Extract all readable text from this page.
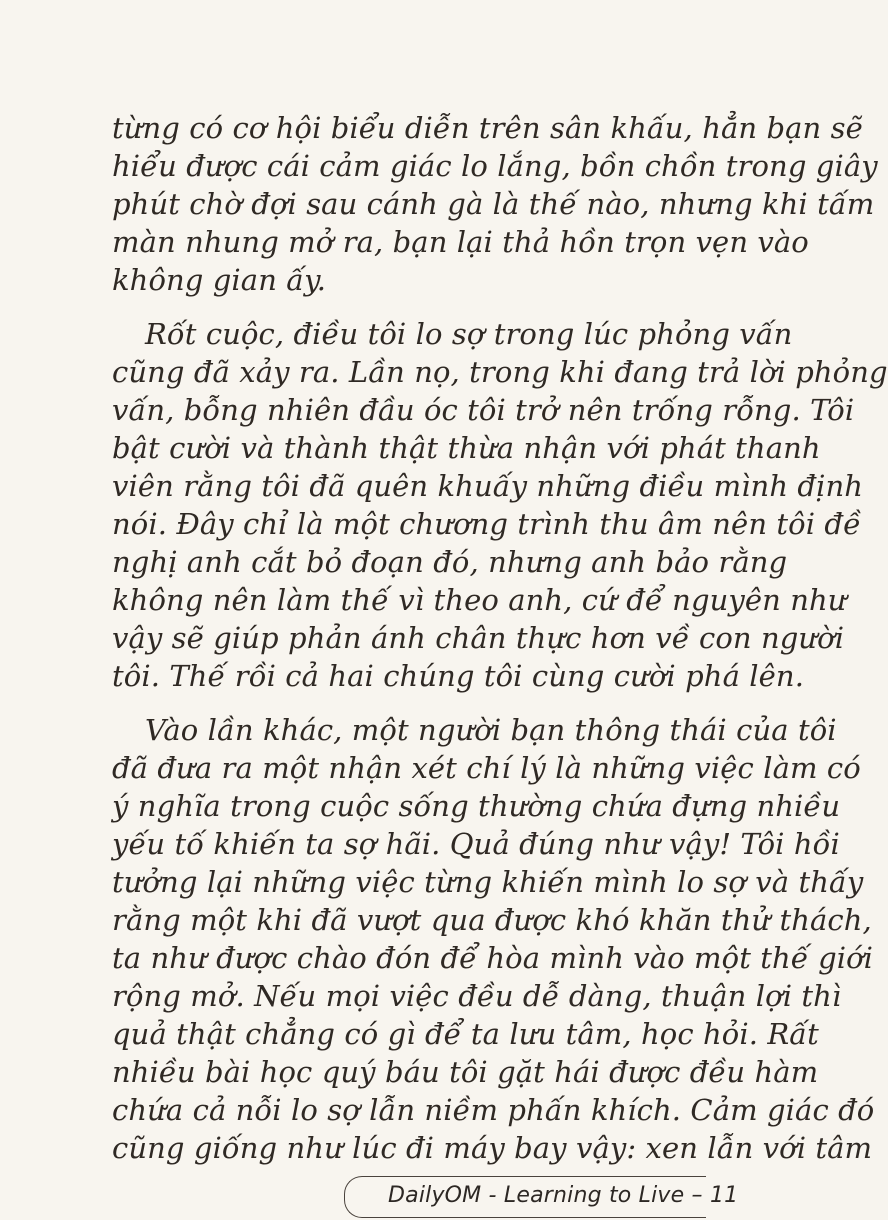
từng có cơ hội biểu diễn trên sân khấu, hẳn bạn sẽ
hiểu được cái cảm giác lo lắng, bồn chồn trong giây
phút chờ đợi sau cánh gà là thế nào, nhưng khi tấm
màn nhung mở ra, bạn lại thả hồn trọn vẹn vào
không gian ấy.
Rốt cuộc, điều tôi lo sợ trong lúc phỏng vấn
cũng đã xảy ra. Lần nọ, trong khi đang trả lời phỏng
vấn, bỗng nhiên đầu óc tôi trở nên trống rỗng. Tôi
bật cười và thành thật thừa nhận với phát thanh
viên rằng tôi đã quên khuấy những điều mình định
nói. Đây chỉ là một chương trình thu âm nên tôi đề
nghị anh cắt bỏ đoạn đó, nhưng anh bảo rằng
không nên làm thế vì theo anh, cứ để nguyên như
vậy sẽ giúp phản ánh chân thực hơn về con người
tôi. Thế rồi cả hai chúng tôi cùng cười phá lên.
Vào lần khác, một người bạn thông thái của tôi
đã đưa ra một nhận xét chí lý là những việc làm có
ý nghĩa trong cuộc sống thường chứa đựng nhiều
yếu tố khiến ta sợ hãi. Quả đúng như vậy! Tôi hồi
tưởng lại những việc từng khiến mình lo sợ và thấy
rằng một khi đã vượt qua được khó khăn thử thách,
ta như được chào đón để hòa mình vào một thế giới
rộng mở. Nếu mọi việc đều dễ dàng, thuận lợi thì
quả thật chẳng có gì để ta lưu tâm, học hỏi. Rất
nhiều bài học quý báu tôi gặt hái được đều hàm
chứa cả nỗi lo sợ lẫn niềm phấn khích. Cảm giác đó
cũng giống như lúc đi máy bay vậy: xen lẫn với tâm
DailyOM - Learning to Live – 11
